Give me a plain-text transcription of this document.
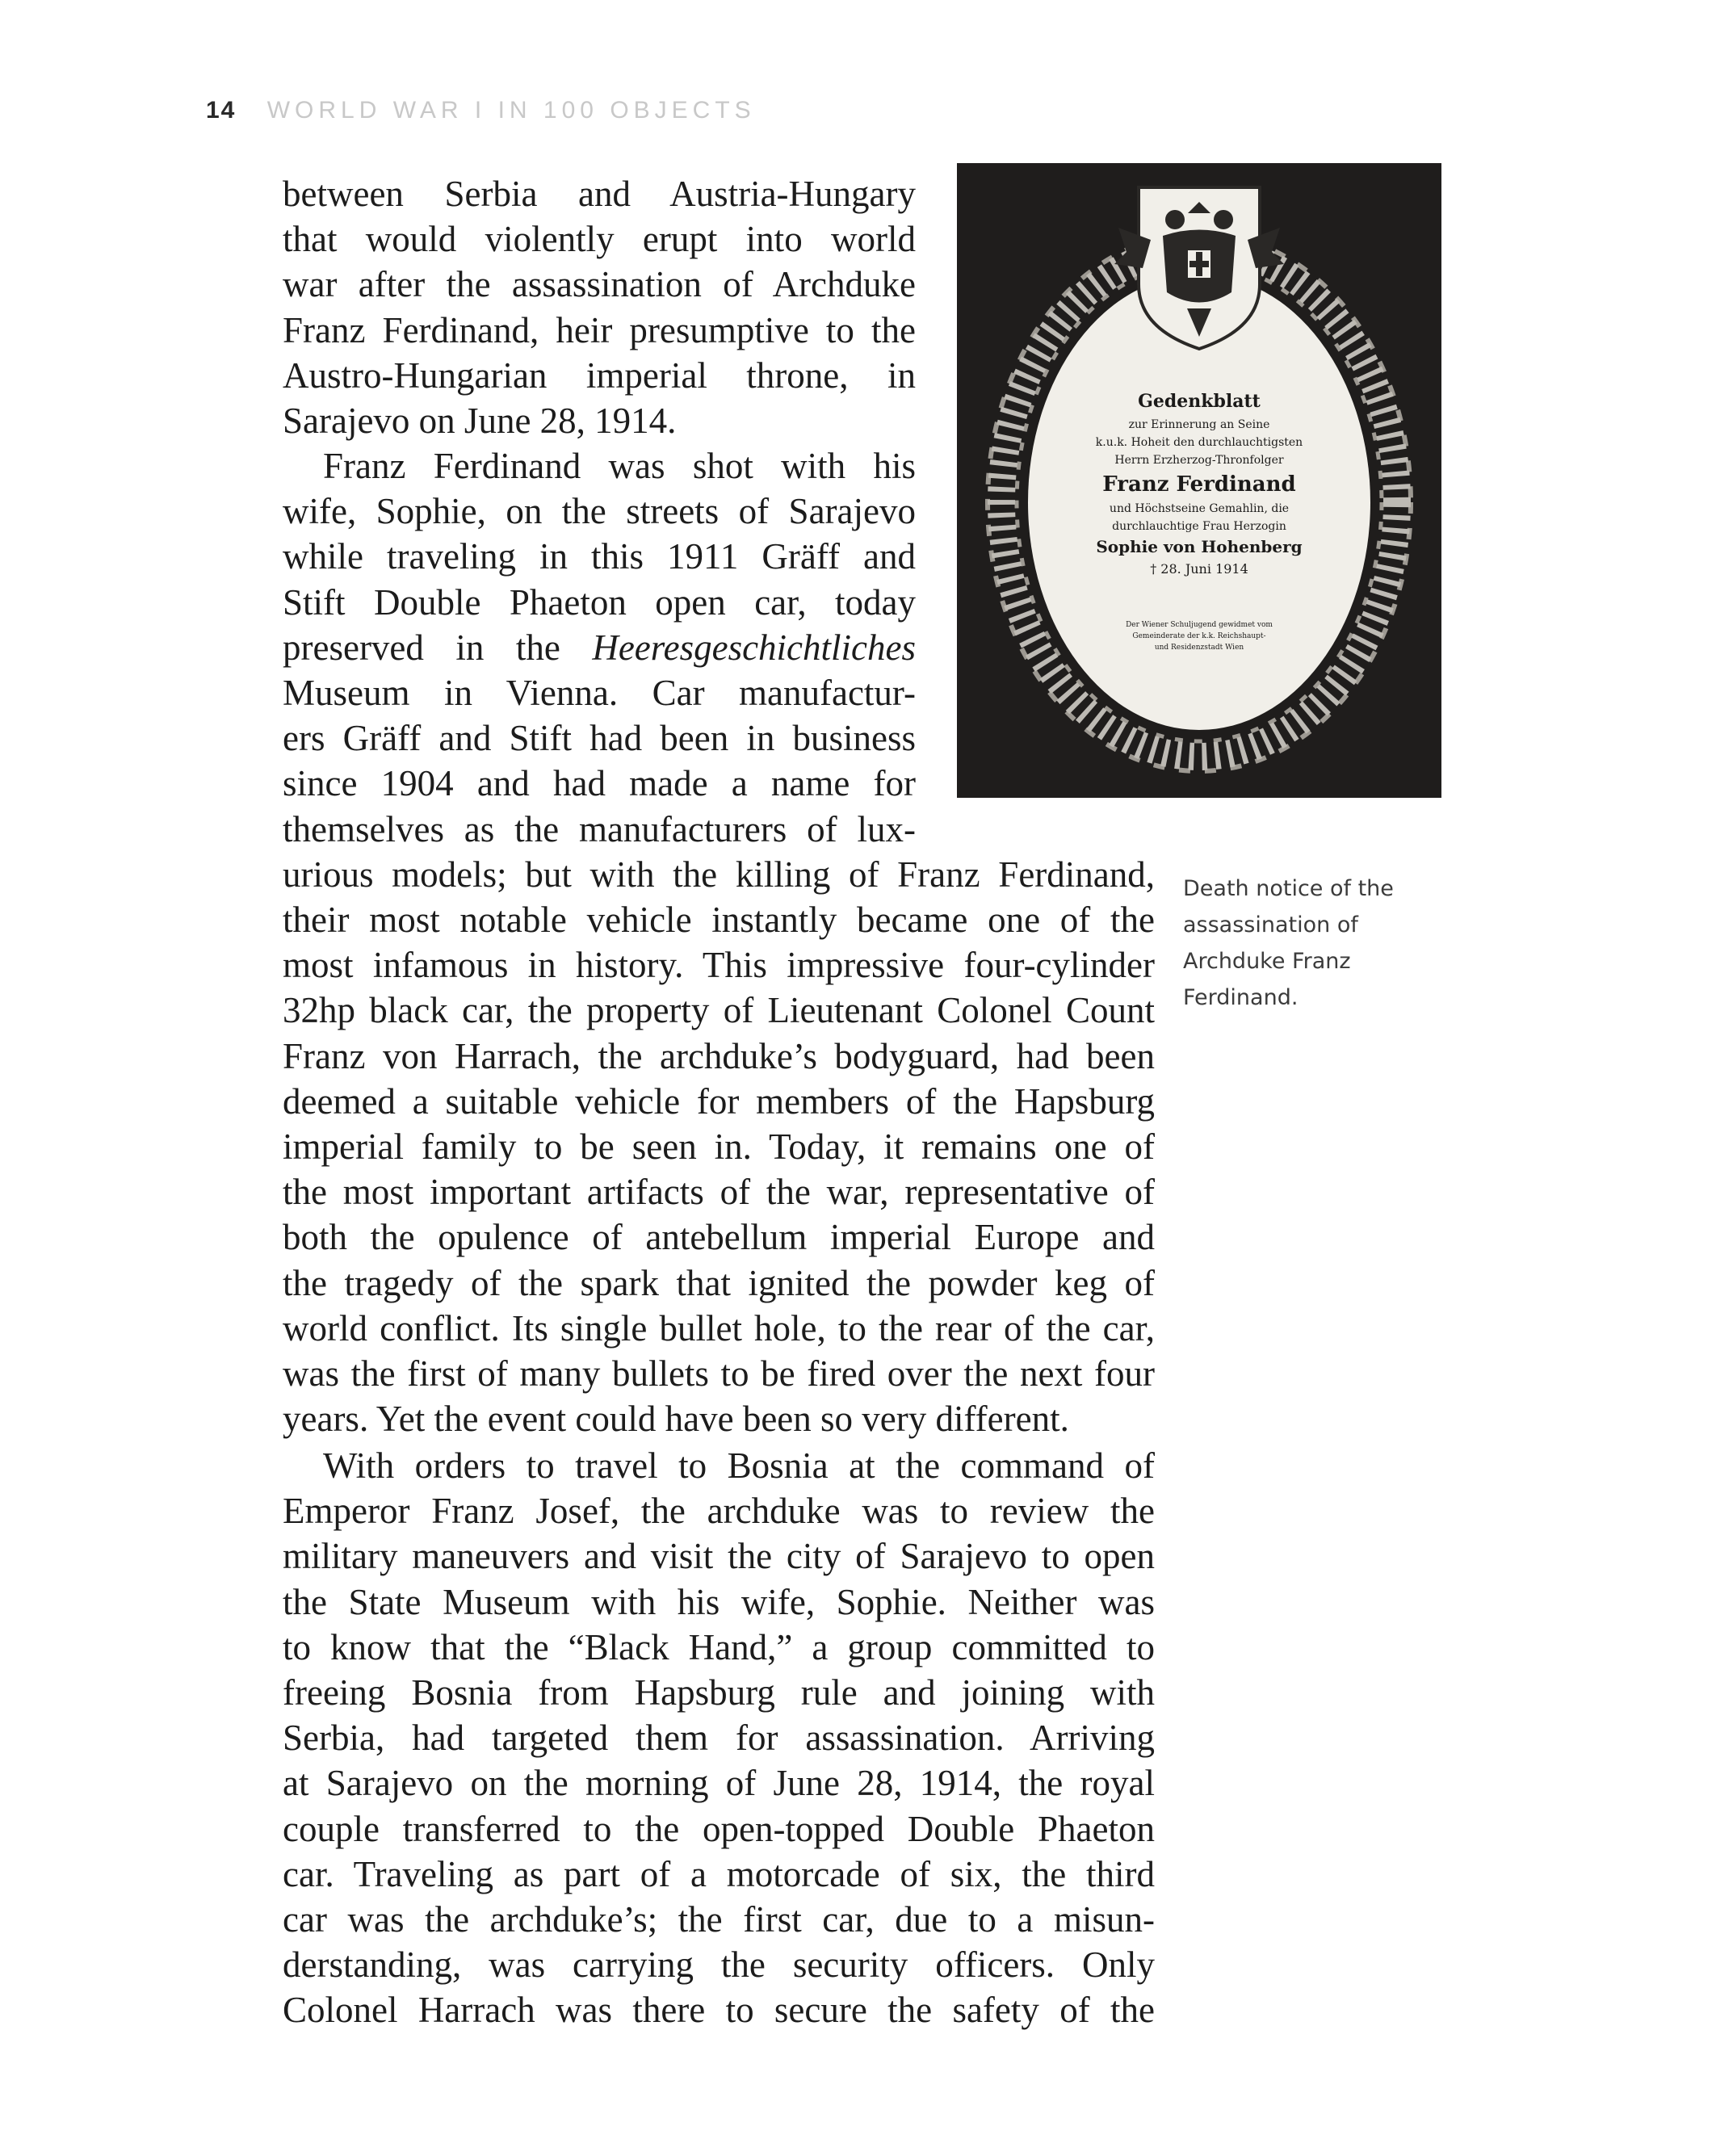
14 WORLD WAR I IN 100 OBJECTS
Gedenkblatt
zur Erinnerung an Seine
k.u.k. Hoheit den durchlauchtigsten
Herrn Erzherzog-Thronfolger
Franz Ferdinand
und Höchstseine Gemahlin, die
durchlauchtige Frau Herzogin
Sophie von Hohenberg
† 28. Juni 1914
Der Wiener Schuljugend gewidmet vom
Gemeinderate der k.k. Reichshaupt-
und Residenzstadt Wien
Death notice of the assassination of Archduke Franz Ferdinand.
between Serbia and Austria-Hungary
that would violently erupt into world
war after the assassination of Archduke
Franz Ferdinand, heir presumptive to the
Austro-Hungarian imperial throne, in
Sarajevo on June 28, 1914.
Franz Ferdinand was shot with his
wife, Sophie, on the streets of Sarajevo
while traveling in this 1911 Gräff and
Stift Double Phaeton open car, today
preserved in the Heeresgeschichtliches
Museum in Vienna. Car manufactur-
ers Gräff and Stift had been in business
since 1904 and had made a name for
themselves as the manufacturers of lux-
urious models; but with the killing of Franz Ferdinand,
their most notable vehicle instantly became one of the
most infamous in history. This impressive four-cylinder
32hp black car, the property of Lieutenant Colonel Count
Franz von Harrach, the archduke’s bodyguard, had been
deemed a suitable vehicle for members of the Hapsburg
imperial family to be seen in. Today, it remains one of
the most important artifacts of the war, representative of
both the opulence of antebellum imperial Europe and
the tragedy of the spark that ignited the powder keg of
world conflict. Its single bullet hole, to the rear of the car,
was the first of many bullets to be fired over the next four
years. Yet the event could have been so very different.
With orders to travel to Bosnia at the command of
Emperor Franz Josef, the archduke was to review the
military maneuvers and visit the city of Sarajevo to open
the State Museum with his wife, Sophie. Neither was
to know that the “Black Hand,” a group committed to
freeing Bosnia from Hapsburg rule and joining with
Serbia, had targeted them for assassination. Arriving
at Sarajevo on the morning of June 28, 1914, the royal
couple transferred to the open-topped Double Phaeton
car. Traveling as part of a motorcade of six, the third
car was the archduke’s; the first car, due to a misun-
derstanding, was carrying the security officers. Only
Colonel Harrach was there to secure the safety of the
